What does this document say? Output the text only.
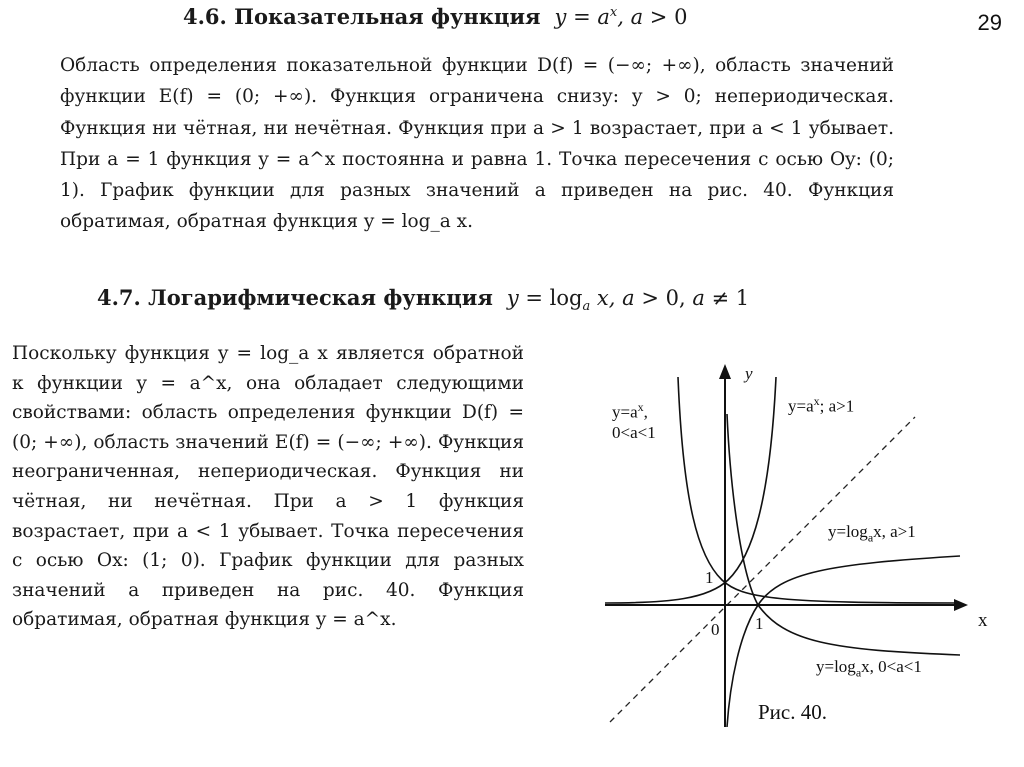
29
4.6. Показательная функция  $y = a^x$, a > 0

Область определения показательной функции D(f) = (−∞; +∞), область значений функции E(f) = (0; +∞). Функция ограничена снизу: y > 0; непериодическая. Функция ни чётная, ни нечётная. Функция при a > 1 возрастает, при a < 1 убывает. При a = 1 функция y = a^x постоянна и равна 1. Точка пересечения с осью Oy: (0; 1). График функции для разных значений a приведен на рис. 40. Функция обратимая, обратная функция y = log_a x.

4.7. Логарифмическая функция  $y = \log_a x$, a > 0, a ≠ 1

Поскольку функция y = log_a x является обратной к функции y = a^x, она обладает следующими свойствами: область определения функции D(f) = (0; +∞), область значений E(f) = (−∞; +∞). Функция неограниченная, непериодическая. Функция ни чётная, ни нечётная. При a > 1 функция возрастает, при a < 1 убывает. Точка пересечения с осью Ox: (1; 0). График функции для разных значений a приведен на рис. 40. Функция обратимая, обратная функция y = a^x.

y
x
0
1
1
$y=a^x$,
0<a<1
$y=a^x$; a>1
$y=\log_ax$, a>1
$y=\log_ax$, 0<a<1
Рис. 40.
